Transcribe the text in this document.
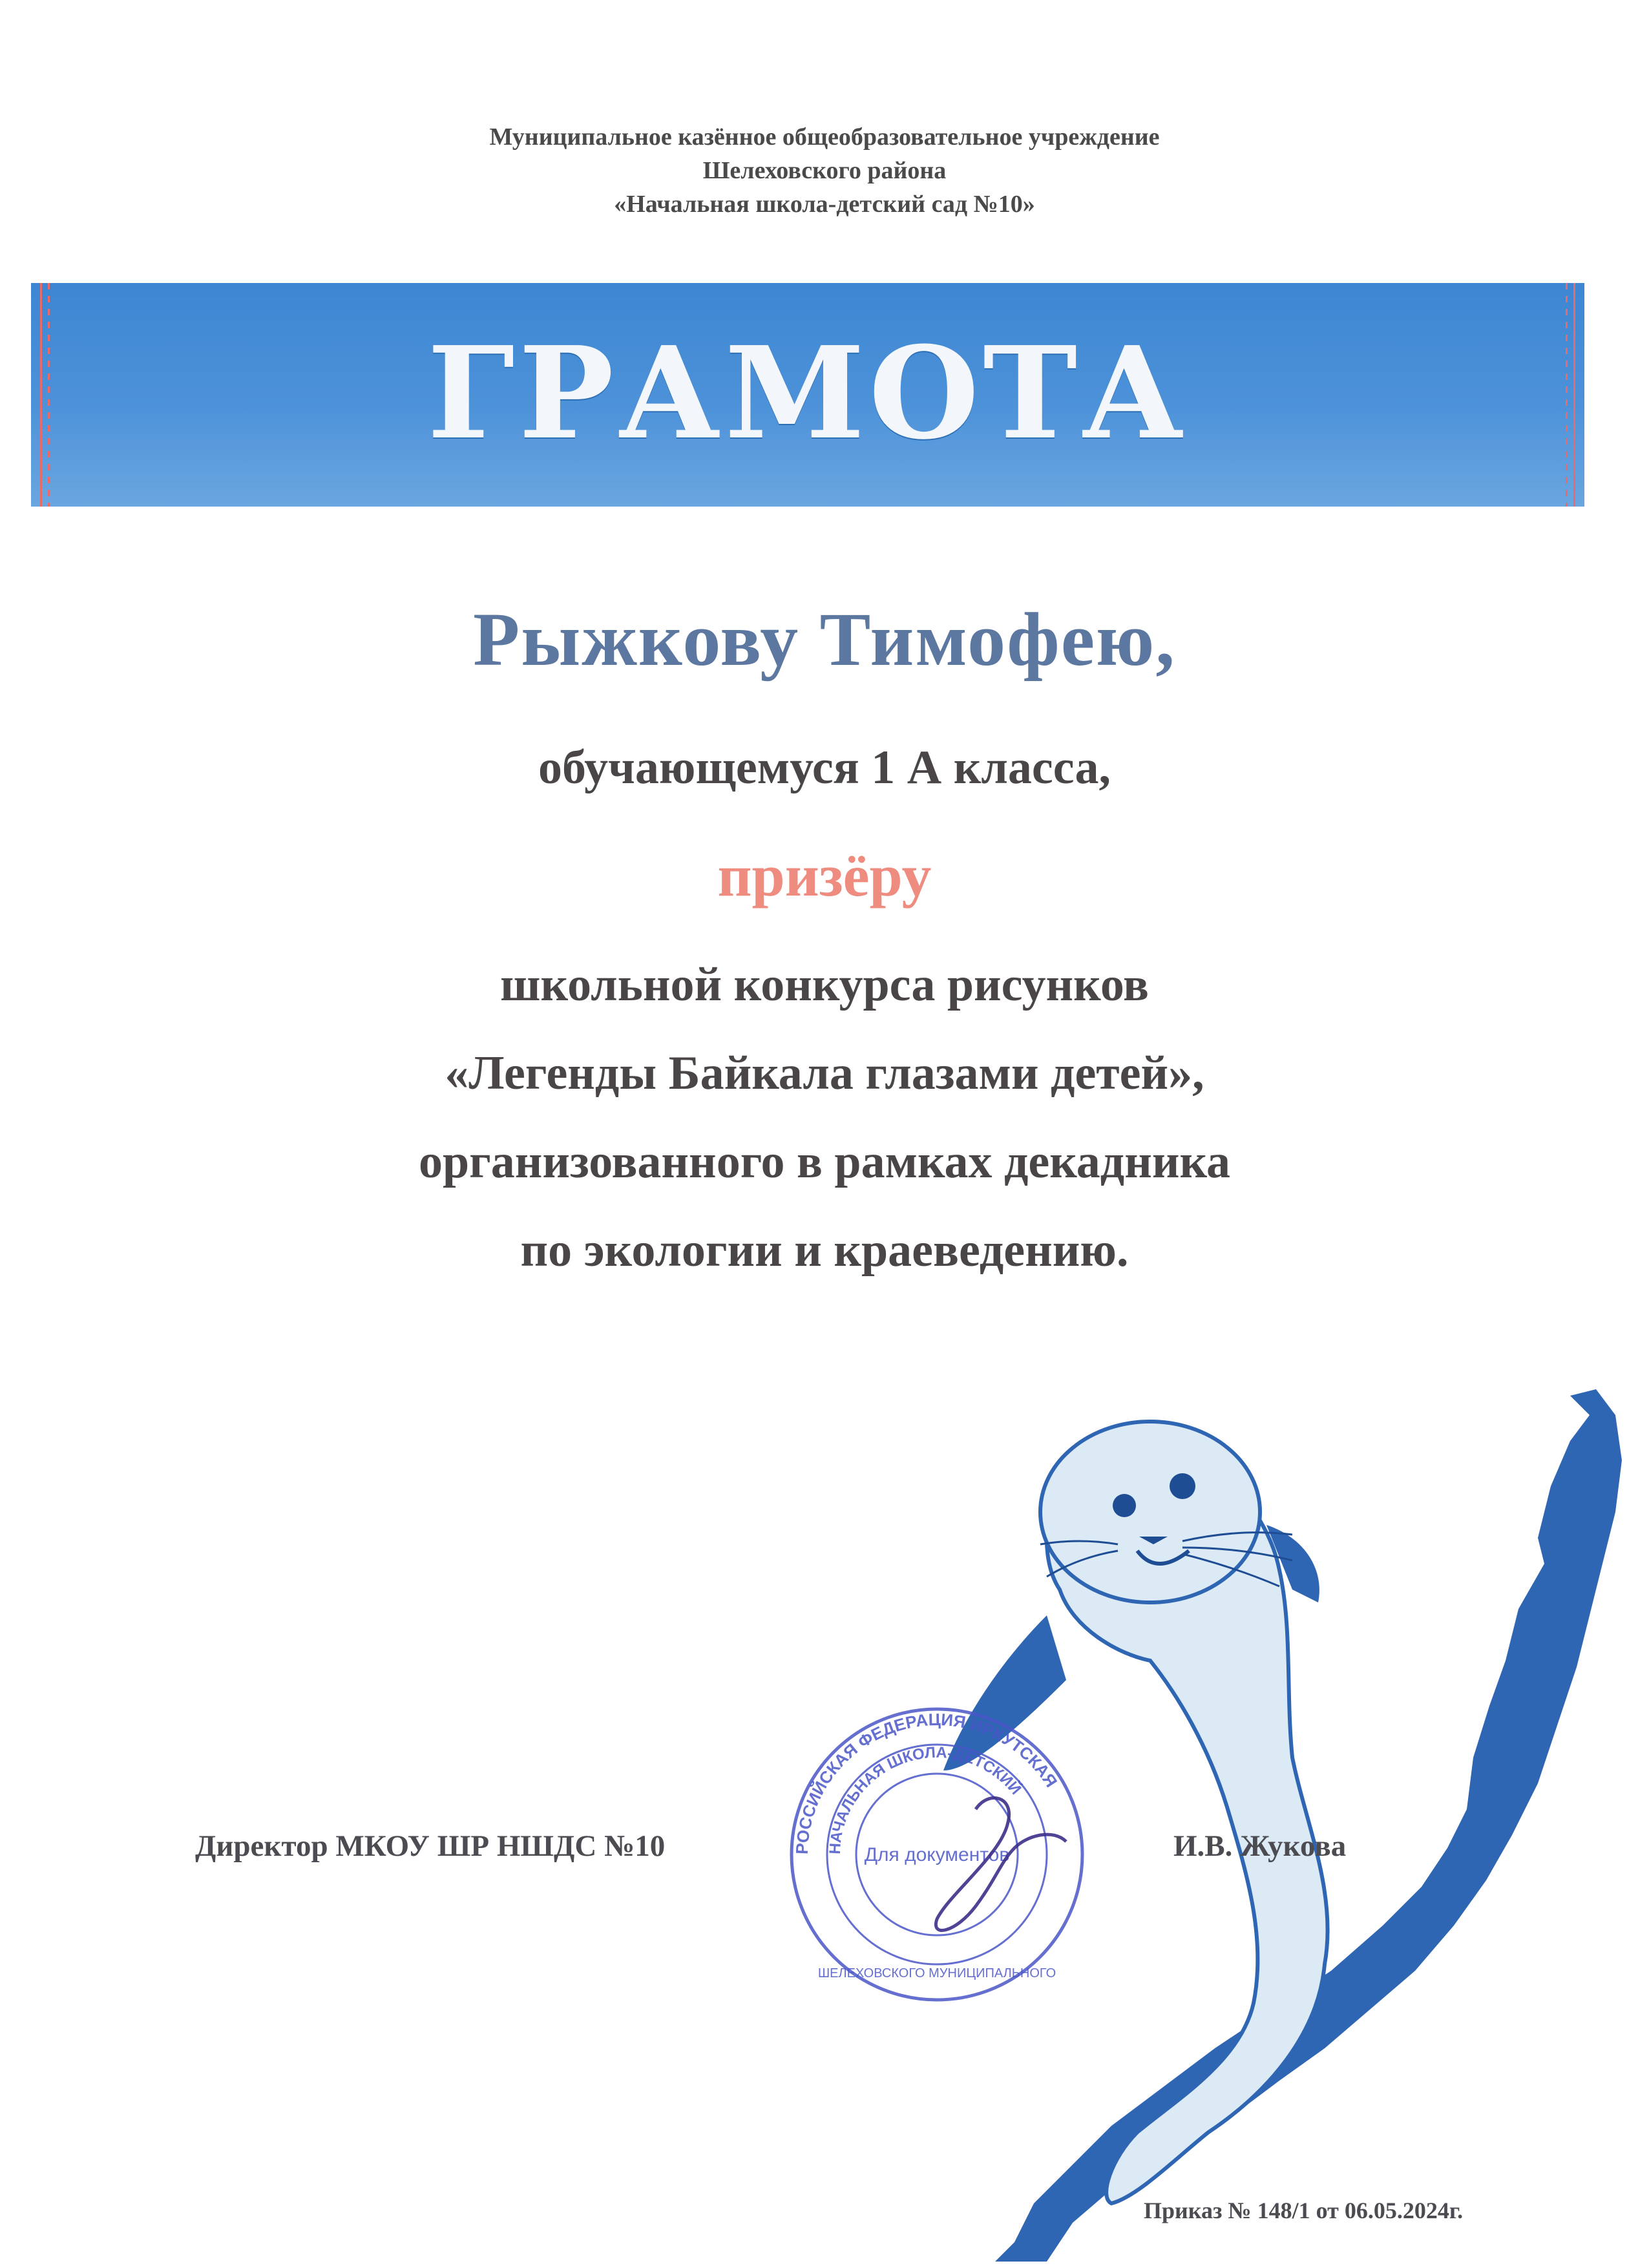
Муниципальное казённое общеобразовательное учреждение
Шелеховского района
«Начальная школа-детский сад №10»
ГРАМОТА
Рыжкову Тимофею,
обучающемуся 1 А класса,
призёру
школьной конкурса рисунков
«Легенды Байкала глазами детей»,
организованного в рамках декадника
по экологии и краеведению.
РОССИЙСКАЯ ФЕДЕРАЦИЯ ИРКУТСКАЯ
НАЧАЛЬНАЯ ШКОЛА-ДЕТСКИЙ
ШЕЛЕХОВСКОГО МУНИЦИПАЛЬНОГО
Для документов
Директор МКОУ ШР НШДС №10	И.В. Жукова
Приказ № 148/1 от 06.05.2024г.
